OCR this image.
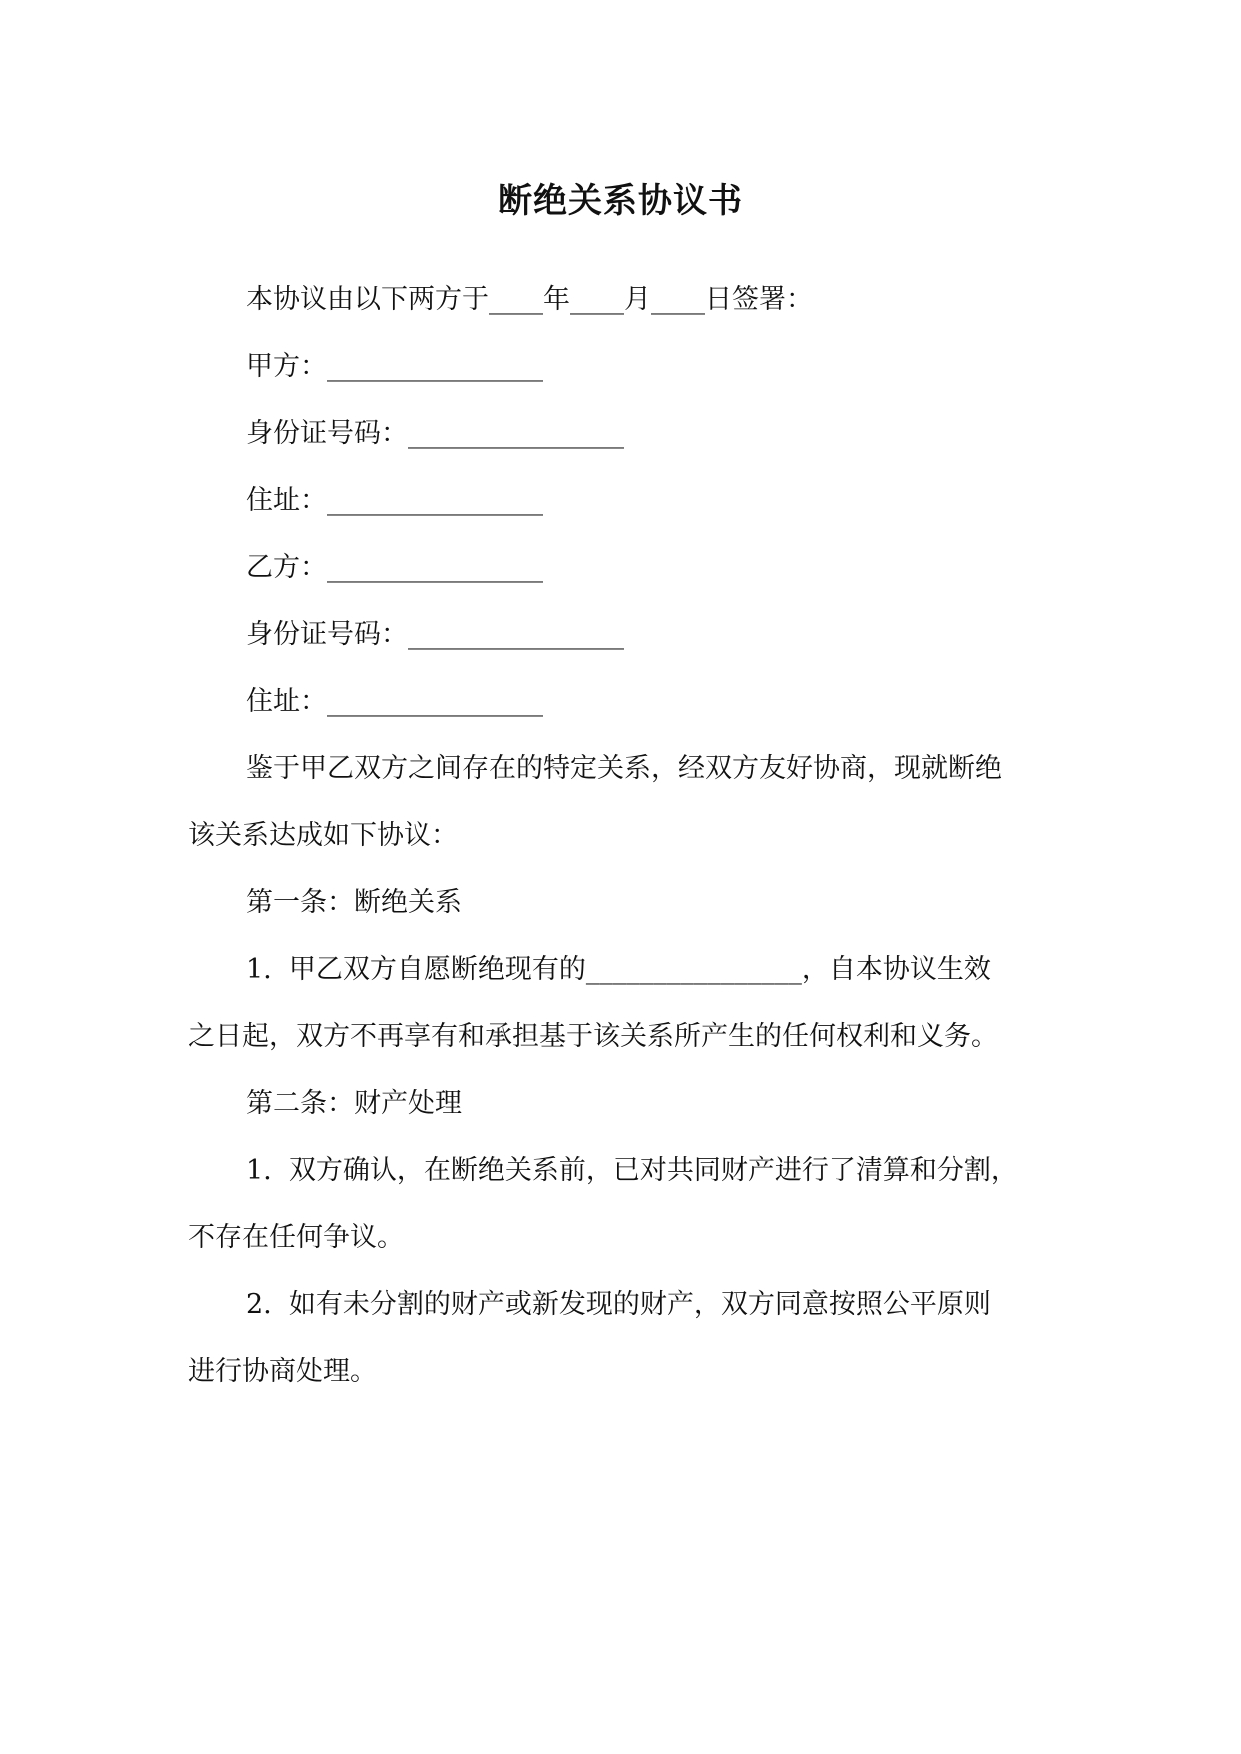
断绝关系协议书
本协议由以下两方于____年____月____日签署：
甲方：________________
身份证号码：________________
住址：________________
乙方：________________
身份证号码：________________
住址：________________
鉴于甲乙双方之间存在的特定关系，经双方友好协商，现就断绝
该关系达成如下协议：
第一条：断绝关系
1.  甲乙双方自愿断绝现有的________________，自本协议生效
之日起，双方不再享有和承担基于该关系所产生的任何权利和义务。
第二条：财产处理
1.  双方确认，在断绝关系前，已对共同财产进行了清算和分割，
不存在任何争议。
2.  如有未分割的财产或新发现的财产，双方同意按照公平原则
进行协商处理。
